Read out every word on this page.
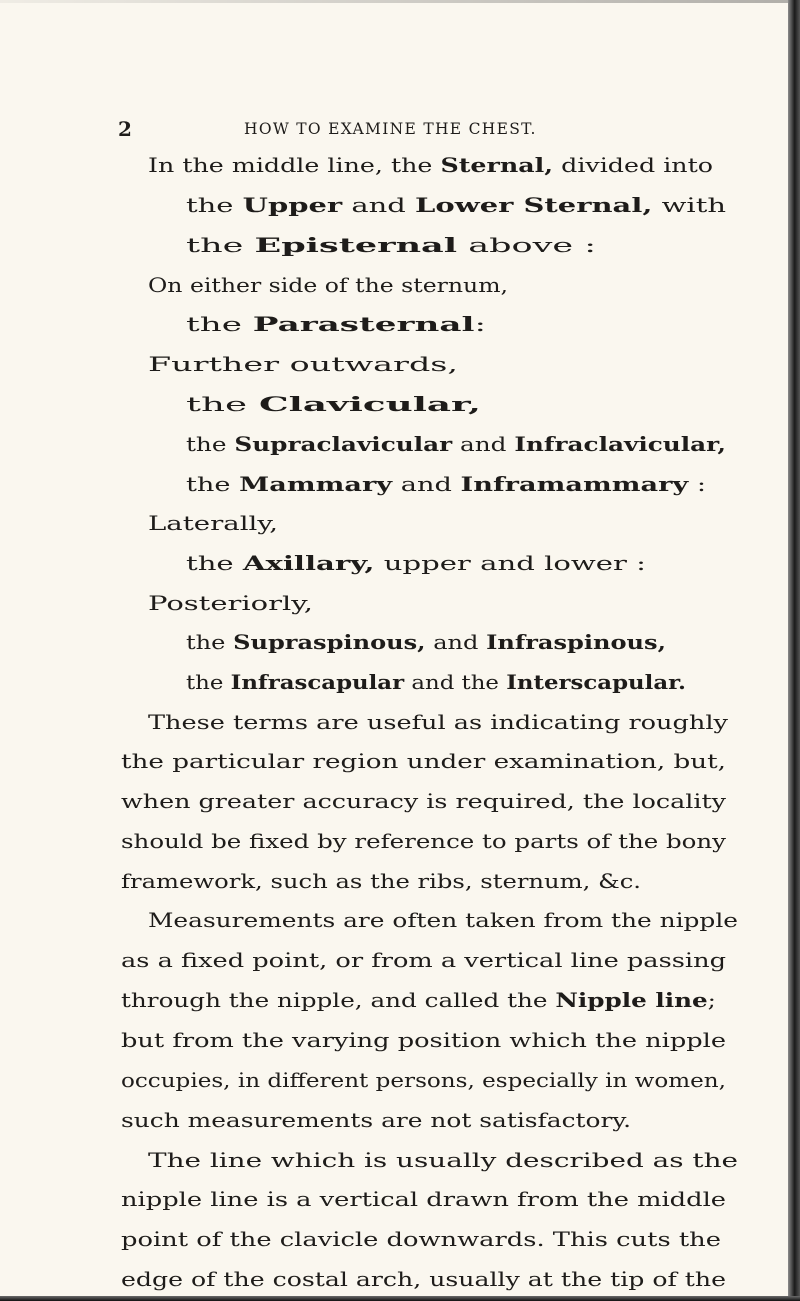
2	HOW TO EXAMINE THE CHEST.
In the middle line, the Sternal, divided into
the Upper and Lower Sternal, with
the Episternal above :
On either side of the sternum,
the Parasternal:
Further outwards,
the Clavicular,
the Supraclavicular and Infraclavicular,
the Mammary and Inframammary :
Laterally,
the Axillary, upper and lower :
Posteriorly,
the Supraspinous, and Infraspinous,
the Infrascapular and the Interscapular.
These terms are useful as indicating roughly
the particular region under examination, but,
when greater accuracy is required, the locality
should be fixed by reference to parts of the bony
framework, such as the ribs, sternum, &c.
Measurements are often taken from the nipple
as a fixed point, or from a vertical line passing
through the nipple, and called the Nipple line;
but from the varying position which the nipple
occupies, in different persons, especially in women,
such measurements are not satisfactory.
The line which is usually described as the
nipple line is a vertical drawn from the middle
point of the clavicle downwards. This cuts the
edge of the costal arch, usually at the tip of the
